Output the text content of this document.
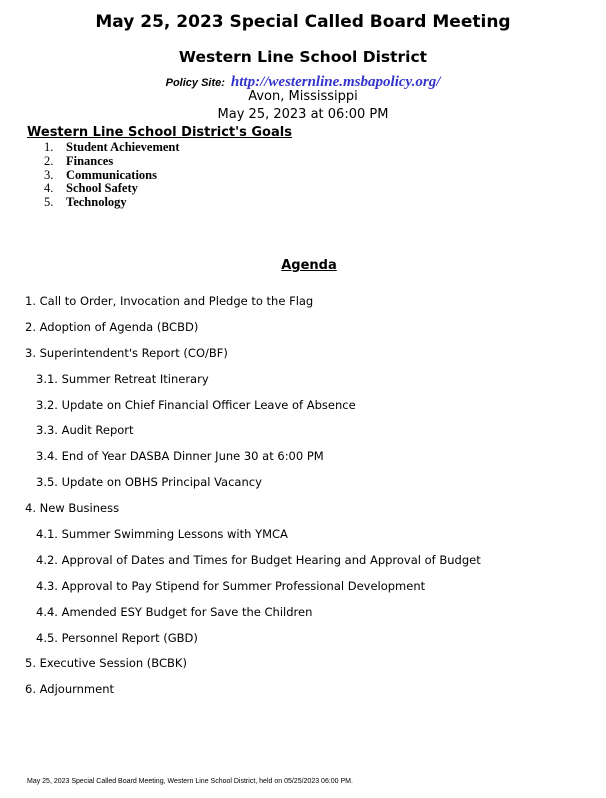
May 25, 2023 Special Called Board Meeting
Western Line School District
Policy Site: http://westernline.msbapolicy.org/
Avon, Mississippi
May 25, 2023 at 06:00 PM
Western Line School District's Goals
1. Student Achievement
2. Finances
3. Communications
4. School Safety
5. Technology
Agenda
1. Call to Order, Invocation and Pledge to the Flag
2. Adoption of Agenda (BCBD)
3. Superintendent's Report (CO/BF)
3.1. Summer Retreat Itinerary
3.2. Update on Chief Financial Officer Leave of Absence
3.3. Audit Report
3.4. End of Year DASBA Dinner June 30 at 6:00 PM
3.5. Update on OBHS Principal Vacancy
4. New Business
4.1. Summer Swimming Lessons with YMCA
4.2. Approval of Dates and Times for Budget Hearing and Approval of Budget
4.3. Approval to Pay Stipend for Summer Professional Development
4.4. Amended ESY Budget for Save the Children
4.5. Personnel Report (GBD)
5. Executive Session (BCBK)
6. Adjournment
May 25, 2023 Special Called Board Meeting, Western Line School District, held on 05/25/2023 06:00 PM.
